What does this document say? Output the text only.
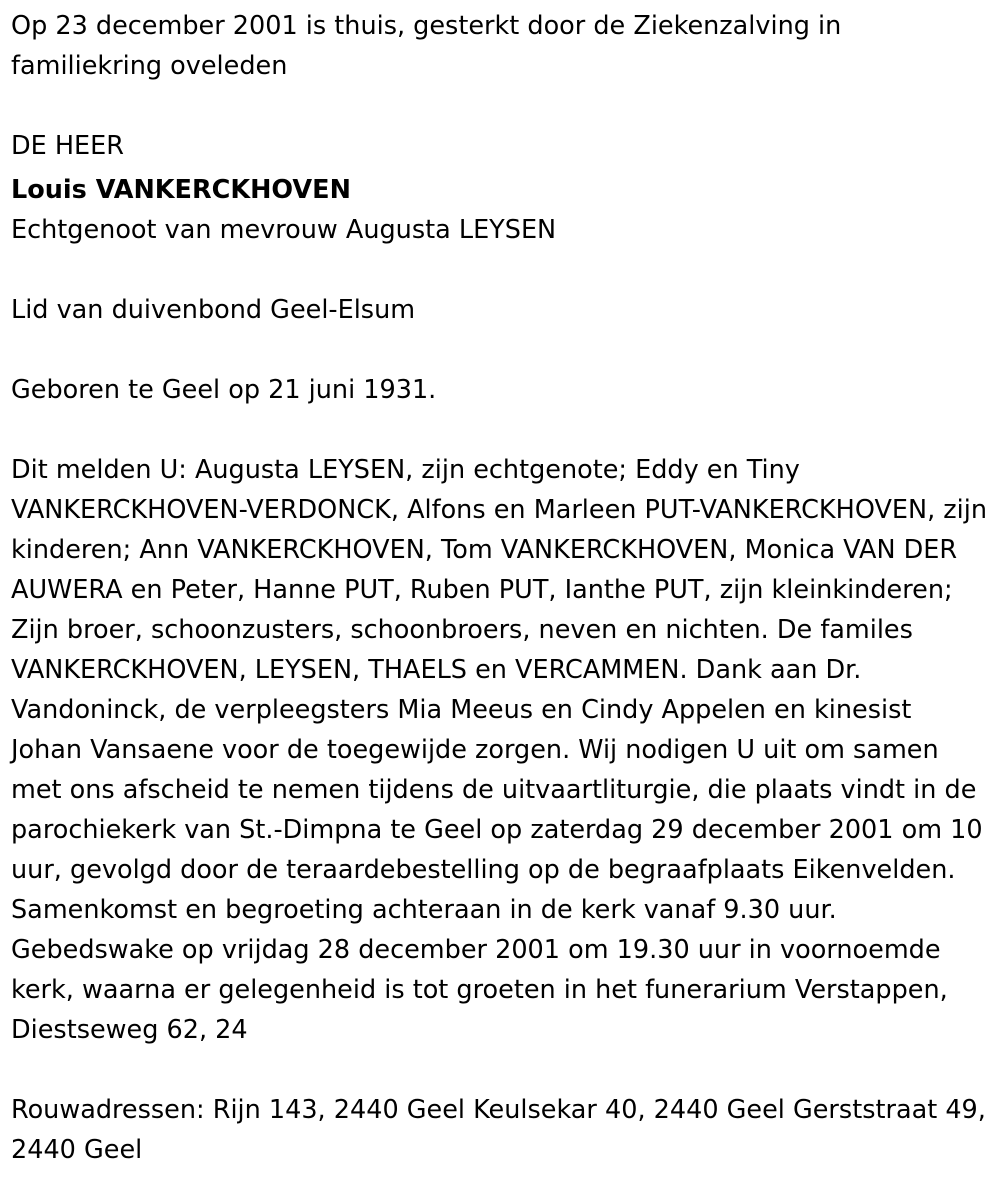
Op 23 december 2001 is thuis, gesterkt door de Ziekenzalving in familiekring oveleden

DE HEER

Louis VANKERCKHOVEN

Echtgenoot van mevrouw Augusta LEYSEN

Lid van duivenbond Geel-Elsum

Geboren te Geel op 21 juni 1931.

Dit melden U: Augusta LEYSEN, zijn echtgenote; Eddy en Tiny VANKERCKHOVEN-VERDONCK, Alfons en Marleen PUT-VANKERCKHOVEN, zijn kinderen; Ann VANKERCKHOVEN, Tom VANKERCKHOVEN, Monica VAN DER AUWERA en Peter, Hanne PUT, Ruben PUT, Ianthe PUT, zijn kleinkinderen; Zijn broer, schoonzusters, schoonbroers, neven en nichten. De familes VANKERCKHOVEN, LEYSEN, THAELS en VERCAMMEN. Dank aan Dr. Vandoninck, de verpleegsters Mia Meeus en Cindy Appelen en kinesist Johan Vansaene voor de toegewijde zorgen. Wij nodigen U uit om samen met ons afscheid te nemen tijdens de uitvaartliturgie, die plaats vindt in de parochiekerk van St.-Dimpna te Geel op zaterdag 29 december 2001 om 10 uur, gevolgd door de teraardebestelling op de begraafplaats Eikenvelden. Samenkomst en begroeting achteraan in de kerk vanaf 9.30 uur. Gebedswake op vrijdag 28 december 2001 om 19.30 uur in voornoemde kerk, waarna er gelegenheid is tot groeten in het funerarium Verstappen, Diestseweg 62, 24

Rouwadressen: Rijn 143, 2440 Geel Keulsekar 40, 2440 Geel Gerststraat 49, 2440 Geel
